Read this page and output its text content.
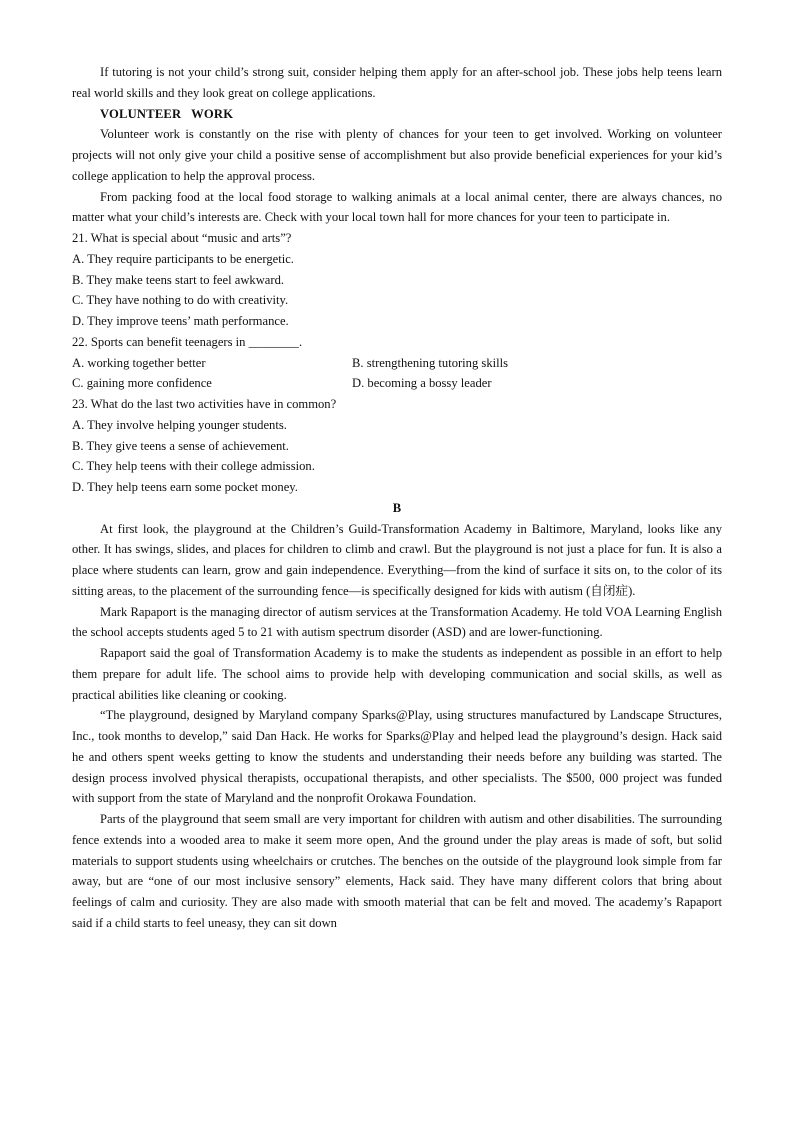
If tutoring is not your child’s strong suit, consider helping them apply for an after-school job. These jobs help teens learn real world skills and they look great on college applications.

VOLUNTEER   WORK

Volunteer work is constantly on the rise with plenty of chances for your teen to get involved. Working on volunteer projects will not only give your child a positive sense of accomplishment but also provide beneficial experiences for your kid’s college application to help the approval process.

From packing food at the local food storage to walking animals at a local animal center, there are always chances, no matter what your child’s interests are. Check with your local town hall for more chances for your teen to participate in.

21. What is special about “music and arts”?

A. They require participants to be energetic.

B. They make teens start to feel awkward.

C. They have nothing to do with creativity.

D. They improve teens’ math performance.

22. Sports can benefit teenagers in ________.

A. working together better	B. strengthening tutoring skills
C. gaining more confidence	D. becoming a bossy leader

23. What do the last two activities have in common?

A. They involve helping younger students.

B. They give teens a sense of achievement.

C. They help teens with their college admission.

D. They help teens earn some pocket money.

B

At first look, the playground at the Children’s Guild-Transformation Academy in Baltimore, Maryland, looks like any other. It has swings, slides, and places for children to climb and crawl. But the playground is not just a place for fun. It is also a place where students can learn, grow and gain independence. Everything—from the kind of surface it sits on, to the color of its sitting areas, to the placement of the surrounding fence—is specifically designed for kids with autism (自闭症).

Mark Rapaport is the managing director of autism services at the Transformation Academy. He told VOA Learning English the school accepts students aged 5 to 21 with autism spectrum disorder (ASD) and are lower-functioning.

Rapaport said the goal of Transformation Academy is to make the students as independent as possible in an effort to help them prepare for adult life. The school aims to provide help with developing communication and social skills, as well as practical abilities like cleaning or cooking.

“The playground, designed by Maryland company Sparks@Play, using structures manufactured by Landscape Structures, Inc., took months to develop,” said Dan Hack. He works for Sparks@Play and helped lead the playground’s design. Hack said he and others spent weeks getting to know the students and understanding their needs before any building was started. The design process involved physical therapists, occupational therapists, and other specialists. The $500, 000 project was funded with support from the state of Maryland and the nonprofit Orokawa Foundation.

Parts of the playground that seem small are very important for children with autism and other disabilities. The surrounding fence extends into a wooded area to make it seem more open, And the ground under the play areas is made of soft, but solid materials to support students using wheelchairs or crutches. The benches on the outside of the playground look simple from far away, but are “one of our most inclusive sensory” elements, Hack said. They have many different colors that bring about feelings of calm and curiosity. They are also made with smooth material that can be felt and moved. The academy’s Rapaport said if a child starts to feel uneasy, they can sit down
